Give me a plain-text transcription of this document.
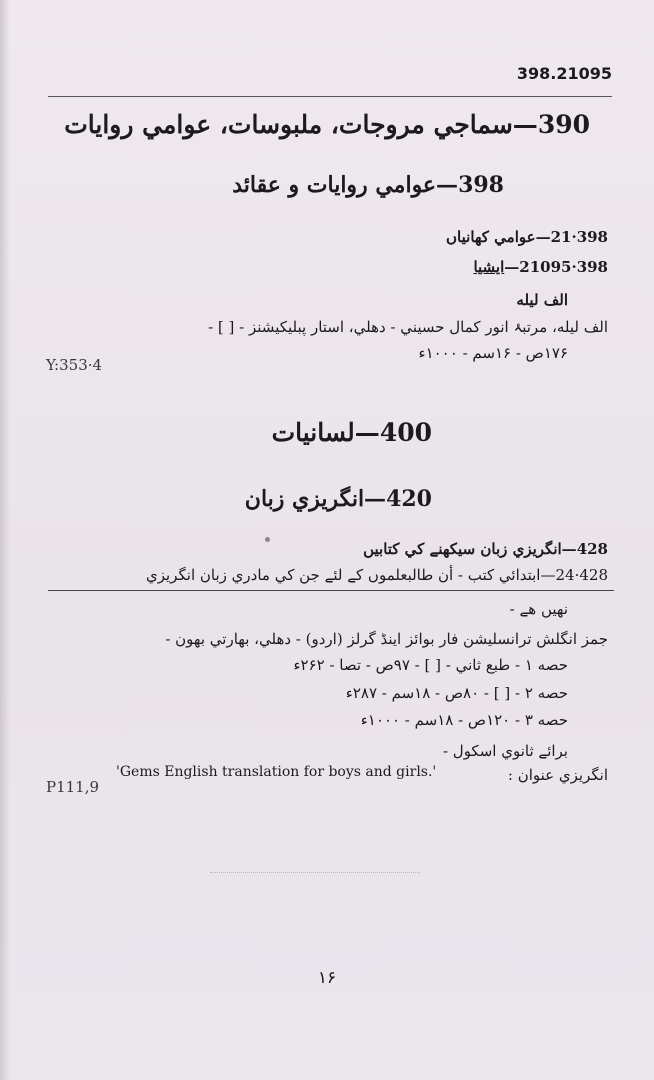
398.21095
390—سماجي مروجات، ملبوسات، عوامي روايات
398—عوامي روايات و عقائد
398·21—عوامي كهانياں
398·21095—ايشيا
الف ليله
الف ليله، مرتبۂ انور كمال حسيني - دهلي، استار پبليكيشنز - [ ] -
۱۷۶ص - ۱۶سم - ۱۰۰۰ء
Y:353·4
400—لسانيات
420—انگريزي زبان
428—انگريزي زبان سيكهنے كي كتابيں
428·24—ابتدائي كتب - أن طالبعلموں كے لئے جن كي مادري زبان انگريزي
نهيں هے -
جمز انگلش ترانسليشن فار بوائز اينڈ گرلز (اردو) - دهلي، بهارتي بهون -
حصه ۱ - طبع ثاني - [ ] - ۹۷ص - تصا - ۲۶۲ء
حصه ۲ - [ ] - ۸۰ص - ۱۸سم - ۲۸۷ء
حصه ۳ - ۱۲۰ص - ۱۸سم - ۱۰۰۰ء
برائے ثانوي اسكول -
انگريزي عنوان :
'Gems English translation for boys and girls.'
P111,9
۱۶
